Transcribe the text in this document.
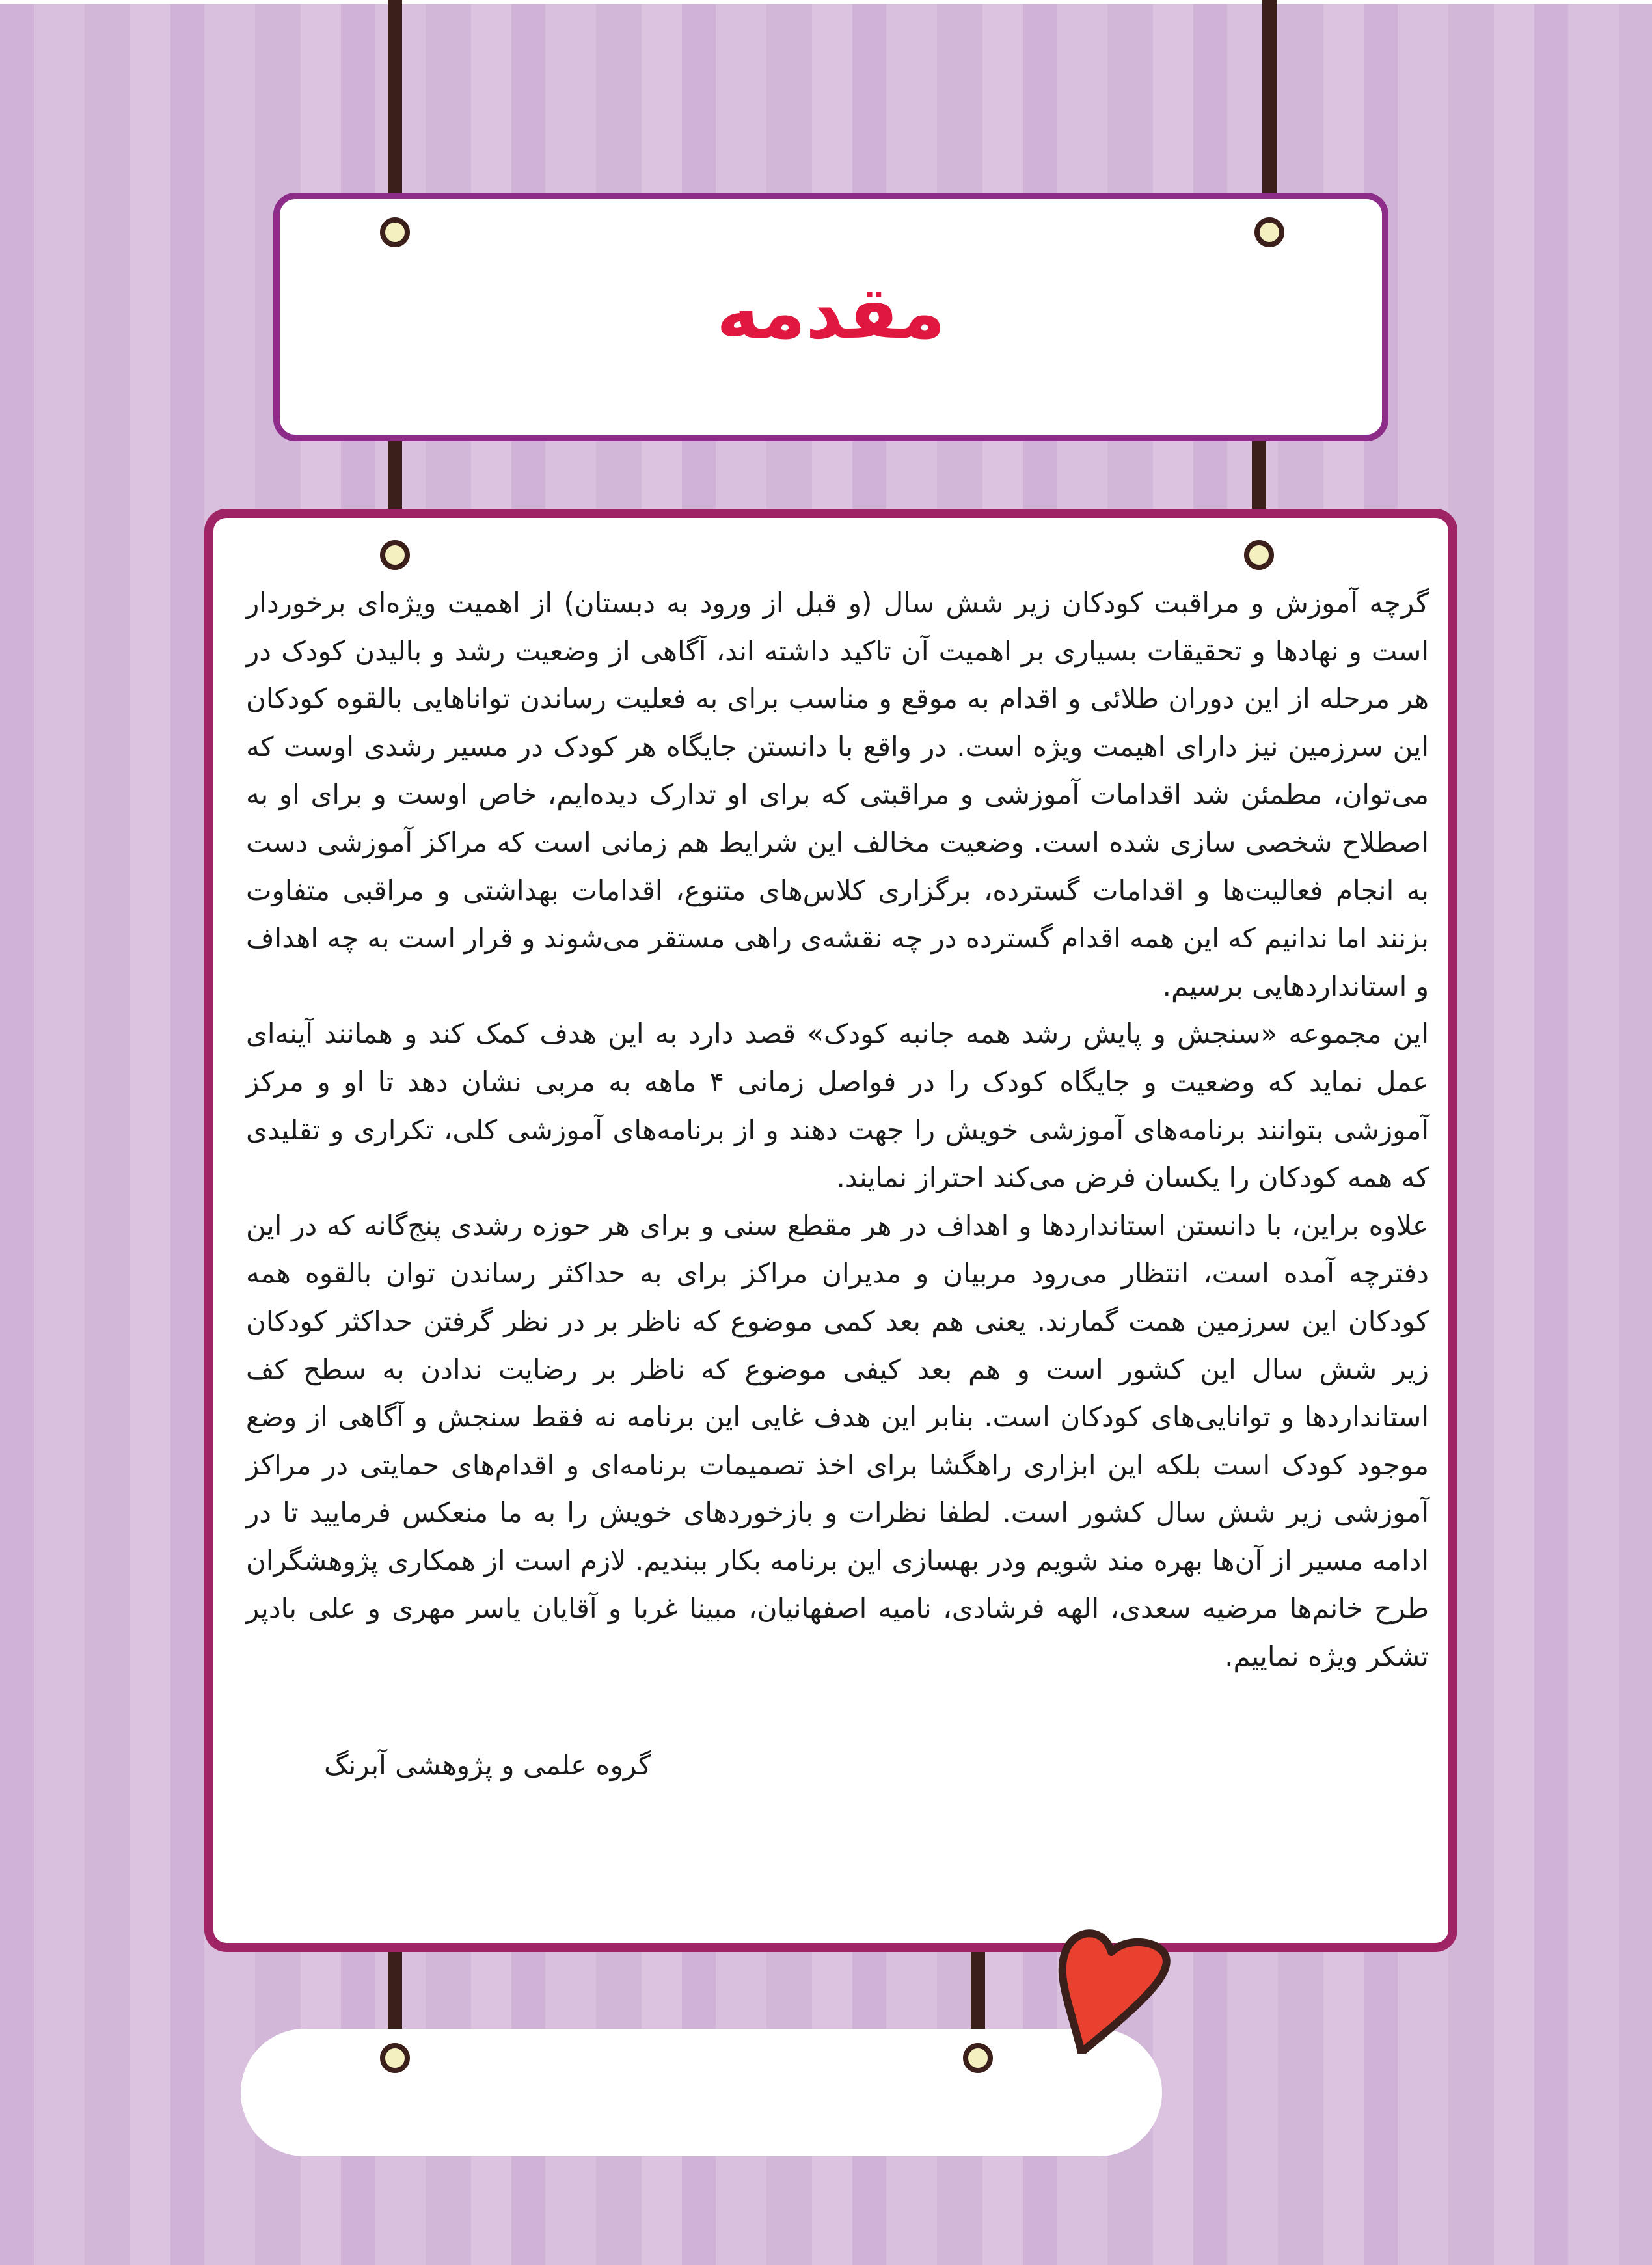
مقدمه

گرچه آموزش و مراقبت کودکان زیر شش سال (و قبل از ورود به دبستان) از اهمیت ویژه‌ای برخوردار است و نهادها و تحقیقات بسیاری بر اهمیت آن تاکید داشته اند، آگاهی از وضعیت رشد و بالیدن کودک در هر مرحله از این دوران طلائی و اقدام به موقع و مناسب برای به فعلیت رساندن تواناهایی بالقوه کودکان این سرزمین نیز دارای اهیمت ویژه است. در واقع با دانستن جایگاه هر کودک در مسیر رشدی اوست که می‌توان، مطمئن شد اقدامات آموزشی و مراقبتی که برای او تدارک دیده‌ایم، خاص اوست و برای او به اصطلاح شخصی سازی شده است. وضعیت مخالف این شرایط هم زمانی است که مراکز آموزشی دست به انجام فعالیت‌ها و اقدامات گسترده، برگزاری کلاس‌های متنوع، اقدامات بهداشتی و مراقبی متفاوت بزنند اما ندانیم که این همه اقدام گسترده در چه نقشه‌ی راهی مستقر می‌شوند و قرار است به چه اهداف و استانداردهایی برسیم.

این مجموعه «سنجش و پایش رشد همه جانبه کودک» قصد دارد به این هدف کمک کند و همانند آینه‌ای عمل نماید که وضعیت و جایگاه کودک را در فواصل زمانی ۴ ماهه به مربی نشان دهد تا او و مرکز آموزشی بتوانند برنامه‌های آموزشی خویش را جهت دهند و از برنامه‌های آموزشی کلی، تکراری و تقلیدی که همه کودکان را یکسان فرض می‌کند احتراز نمایند.

علاوه براین، با دانستن استانداردها و اهداف در هر مقطع سنی و برای هر حوزه رشدی پنج‌گانه که در این دفترچه آمده است، انتظار می‌رود مربیان و مدیران مراکز برای به حداکثر رساندن توان بالقوه همه کودکان این سرزمین همت گمارند. یعنی هم بعد کمی موضوع که ناظر بر در نظر گرفتن حداکثر کودکان زیر شش سال این کشور است و هم بعد کیفی موضوع که ناظر بر رضایت ندادن به سطح کف استانداردها و توانایی‌های کودکان است. بنابر این هدف غایی این برنامه نه فقط سنجش و آگاهی از وضع موجود کودک است بلکه این ابزاری راهگشا برای اخذ تصمیمات برنامه‌ای و اقدام‌های حمایتی در مراکز آموزشی زیر شش سال کشور است. لطفا نظرات و بازخوردهای خویش را به ما منعکس فرمایید تا در ادامه مسیر از آن‌ها بهره مند شویم ودر بهسازی این برنامه بکار ببندیم. لازم است از همکاری پژوهشگران طرح خانم‌ها مرضیه سعدی، الهه فرشادی، نامیه اصفهانیان، مبینا غربا و آقایان یاسر مهری و علی بادپر تشکر ویژه نماییم.

گروه علمی و پژوهشی آبرنگ
